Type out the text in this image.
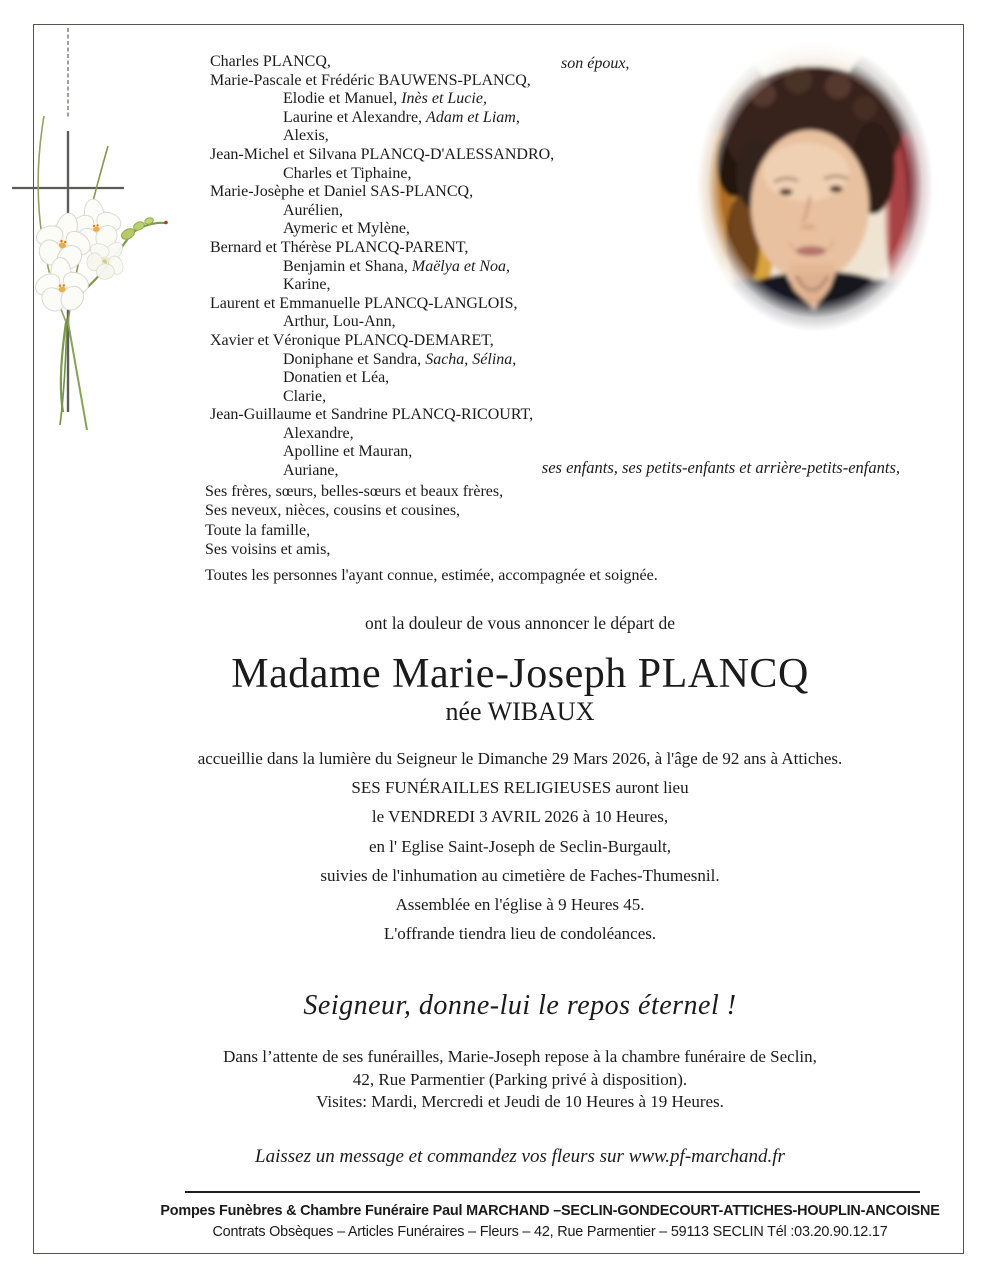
Charles PLANCQ,
Marie-Pascale et Frédéric BAUWENS-PLANCQ,
Elodie et Manuel, Inès et Lucie,
Laurine et Alexandre, Adam et Liam,
Alexis,
Jean-Michel et Silvana PLANCQ-D'ALESSANDRO,
Charles et Tiphaine,
Marie-Josèphe et Daniel SAS-PLANCQ,
Aurélien,
Aymeric et Mylène,
Bernard et Thérèse PLANCQ-PARENT,
Benjamin et Shana, Maëlya et Noa,
Karine,
Laurent et Emmanuelle PLANCQ-LANGLOIS,
Arthur, Lou-Ann,
Xavier et Véronique PLANCQ-DEMARET,
Doniphane et Sandra, Sacha, Sélina,
Donatien et Léa,
Clarie,
Jean-Guillaume et Sandrine PLANCQ-RICOURT,
Alexandre,
Apolline et Mauran,
Auriane,
son époux,
ses enfants, ses petits-enfants et arrière-petits-enfants,
Ses frères, sœurs, belles-sœurs et beaux frères,
Ses neveux, nièces, cousins et cousines,
Toute la famille,
Ses voisins et amis,
Toutes les personnes l'ayant connue, estimée, accompagnée et soignée.
ont la douleur de vous annoncer le départ de
Madame Marie-Joseph PLANCQ
née WIBAUX
accueillie dans la lumière du Seigneur le Dimanche 29 Mars 2026, à l'âge de 92 ans à Attiches.
SES FUNÉRAILLES RELIGIEUSES auront lieu
le VENDREDI 3 AVRIL 2026 à 10 Heures,
en l' Eglise Saint-Joseph de Seclin-Burgault,
suivies de l'inhumation au cimetière de Faches-Thumesnil.
Assemblée en l'église à 9 Heures 45.
L'offrande tiendra lieu de condoléances.
Seigneur, donne-lui le repos éternel !
Dans l’attente de ses funérailles, Marie-Joseph repose à la chambre funéraire de Seclin,
42, Rue Parmentier (Parking privé à disposition).
Visites: Mardi, Mercredi et Jeudi de 10 Heures à 19 Heures.
Laissez un message et commandez vos fleurs sur www.pf-marchand.fr
Pompes Funèbres & Chambre Funéraire Paul MARCHAND –SECLIN-GONDECOURT-ATTICHES-HOUPLIN-ANCOISNE
Contrats Obsèques – Articles Funéraires – Fleurs – 42, Rue Parmentier – 59113 SECLIN Tél :03.20.90.12.17
